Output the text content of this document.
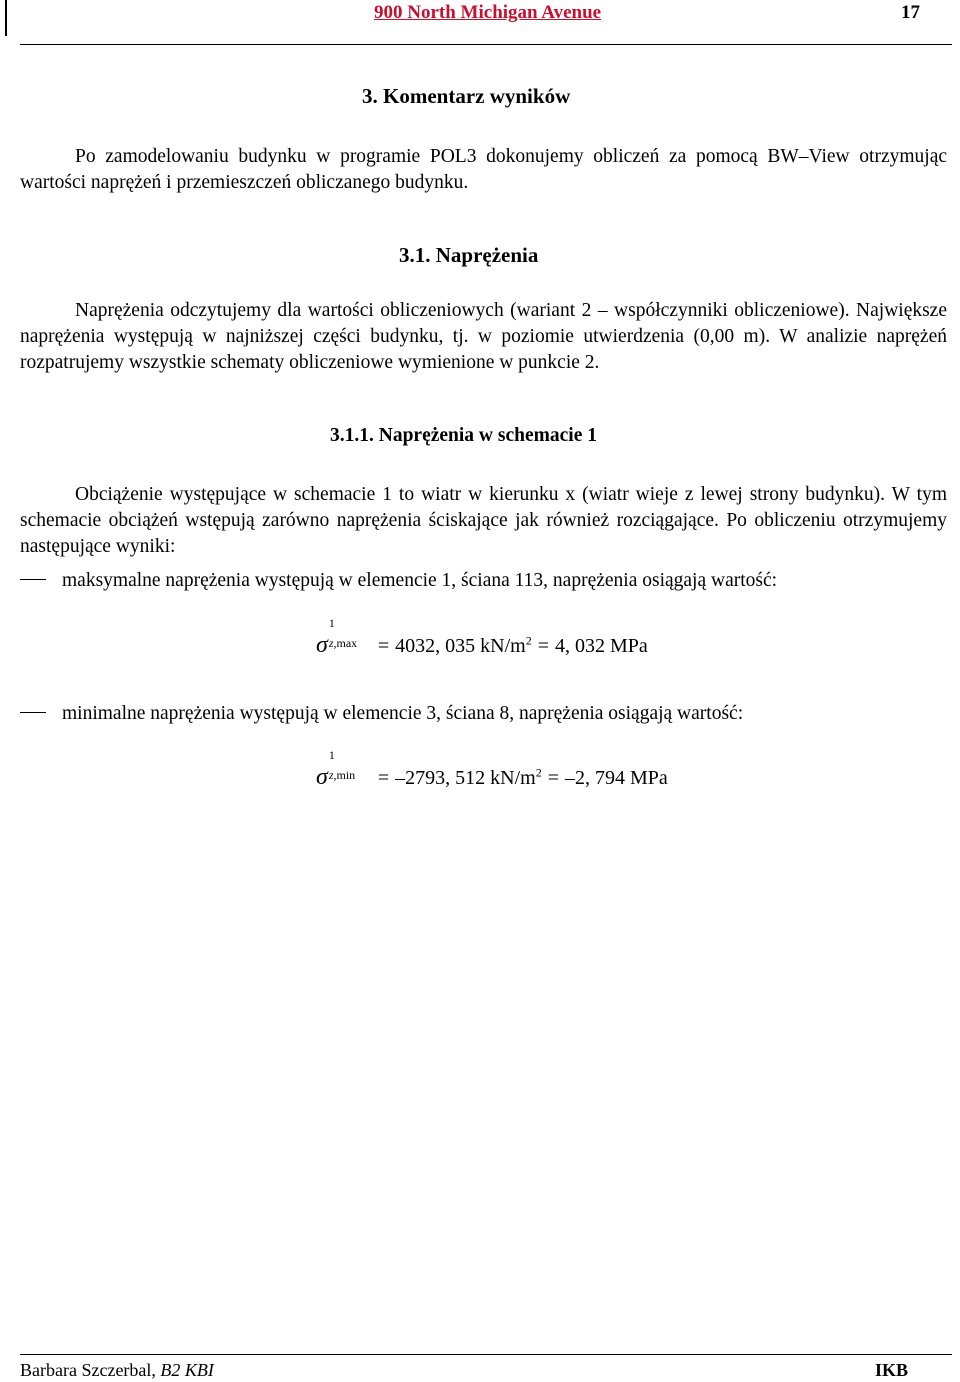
900 North Michigan Avenue	17
3. Komentarz wyników

Po zamodelowaniu budynku w programie POL3 dokonujemy obliczeń za pomocą BW–View otrzymując wartości naprężeń i przemieszczeń obliczanego budynku.

3.1. Naprężenia

Naprężenia odczytujemy dla wartości obliczeniowych (wariant 2 – współczynniki obliczeniowe). Największe naprężenia występują w najniższej części budynku, tj. w poziomie utwierdzenia (0,00 m). W analizie naprężeń rozpatrujemy wszystkie schematy obliczeniowe wymienione w punkcie 2.

3.1.1. Naprężenia w schemacie 1

Obciążenie występujące w schemacie 1 to wiatr w kierunku x (wiatr wieje z lewej strony budynku). W tym schemacie obciążeń wstępują zarówno naprężenia ściskające jak również rozciągające. Po obliczeniu otrzymujemy następujące wyniki:

maksymalne naprężenia występują w elemencie 1, ściana 113, naprężenia osiągają wartość:
σ
1
z,max = 4032, 035 $kN/m^2 = 4$, 032 MPa
minimalne naprężenia występują w elemencie 3, ściana 8, naprężenia osiągają wartość:
σ
1
z,min = –2793, 512 $kN/m^2 = -2$, 794 MPa
Barbara Szczerbal, B2 KBI	IKB
